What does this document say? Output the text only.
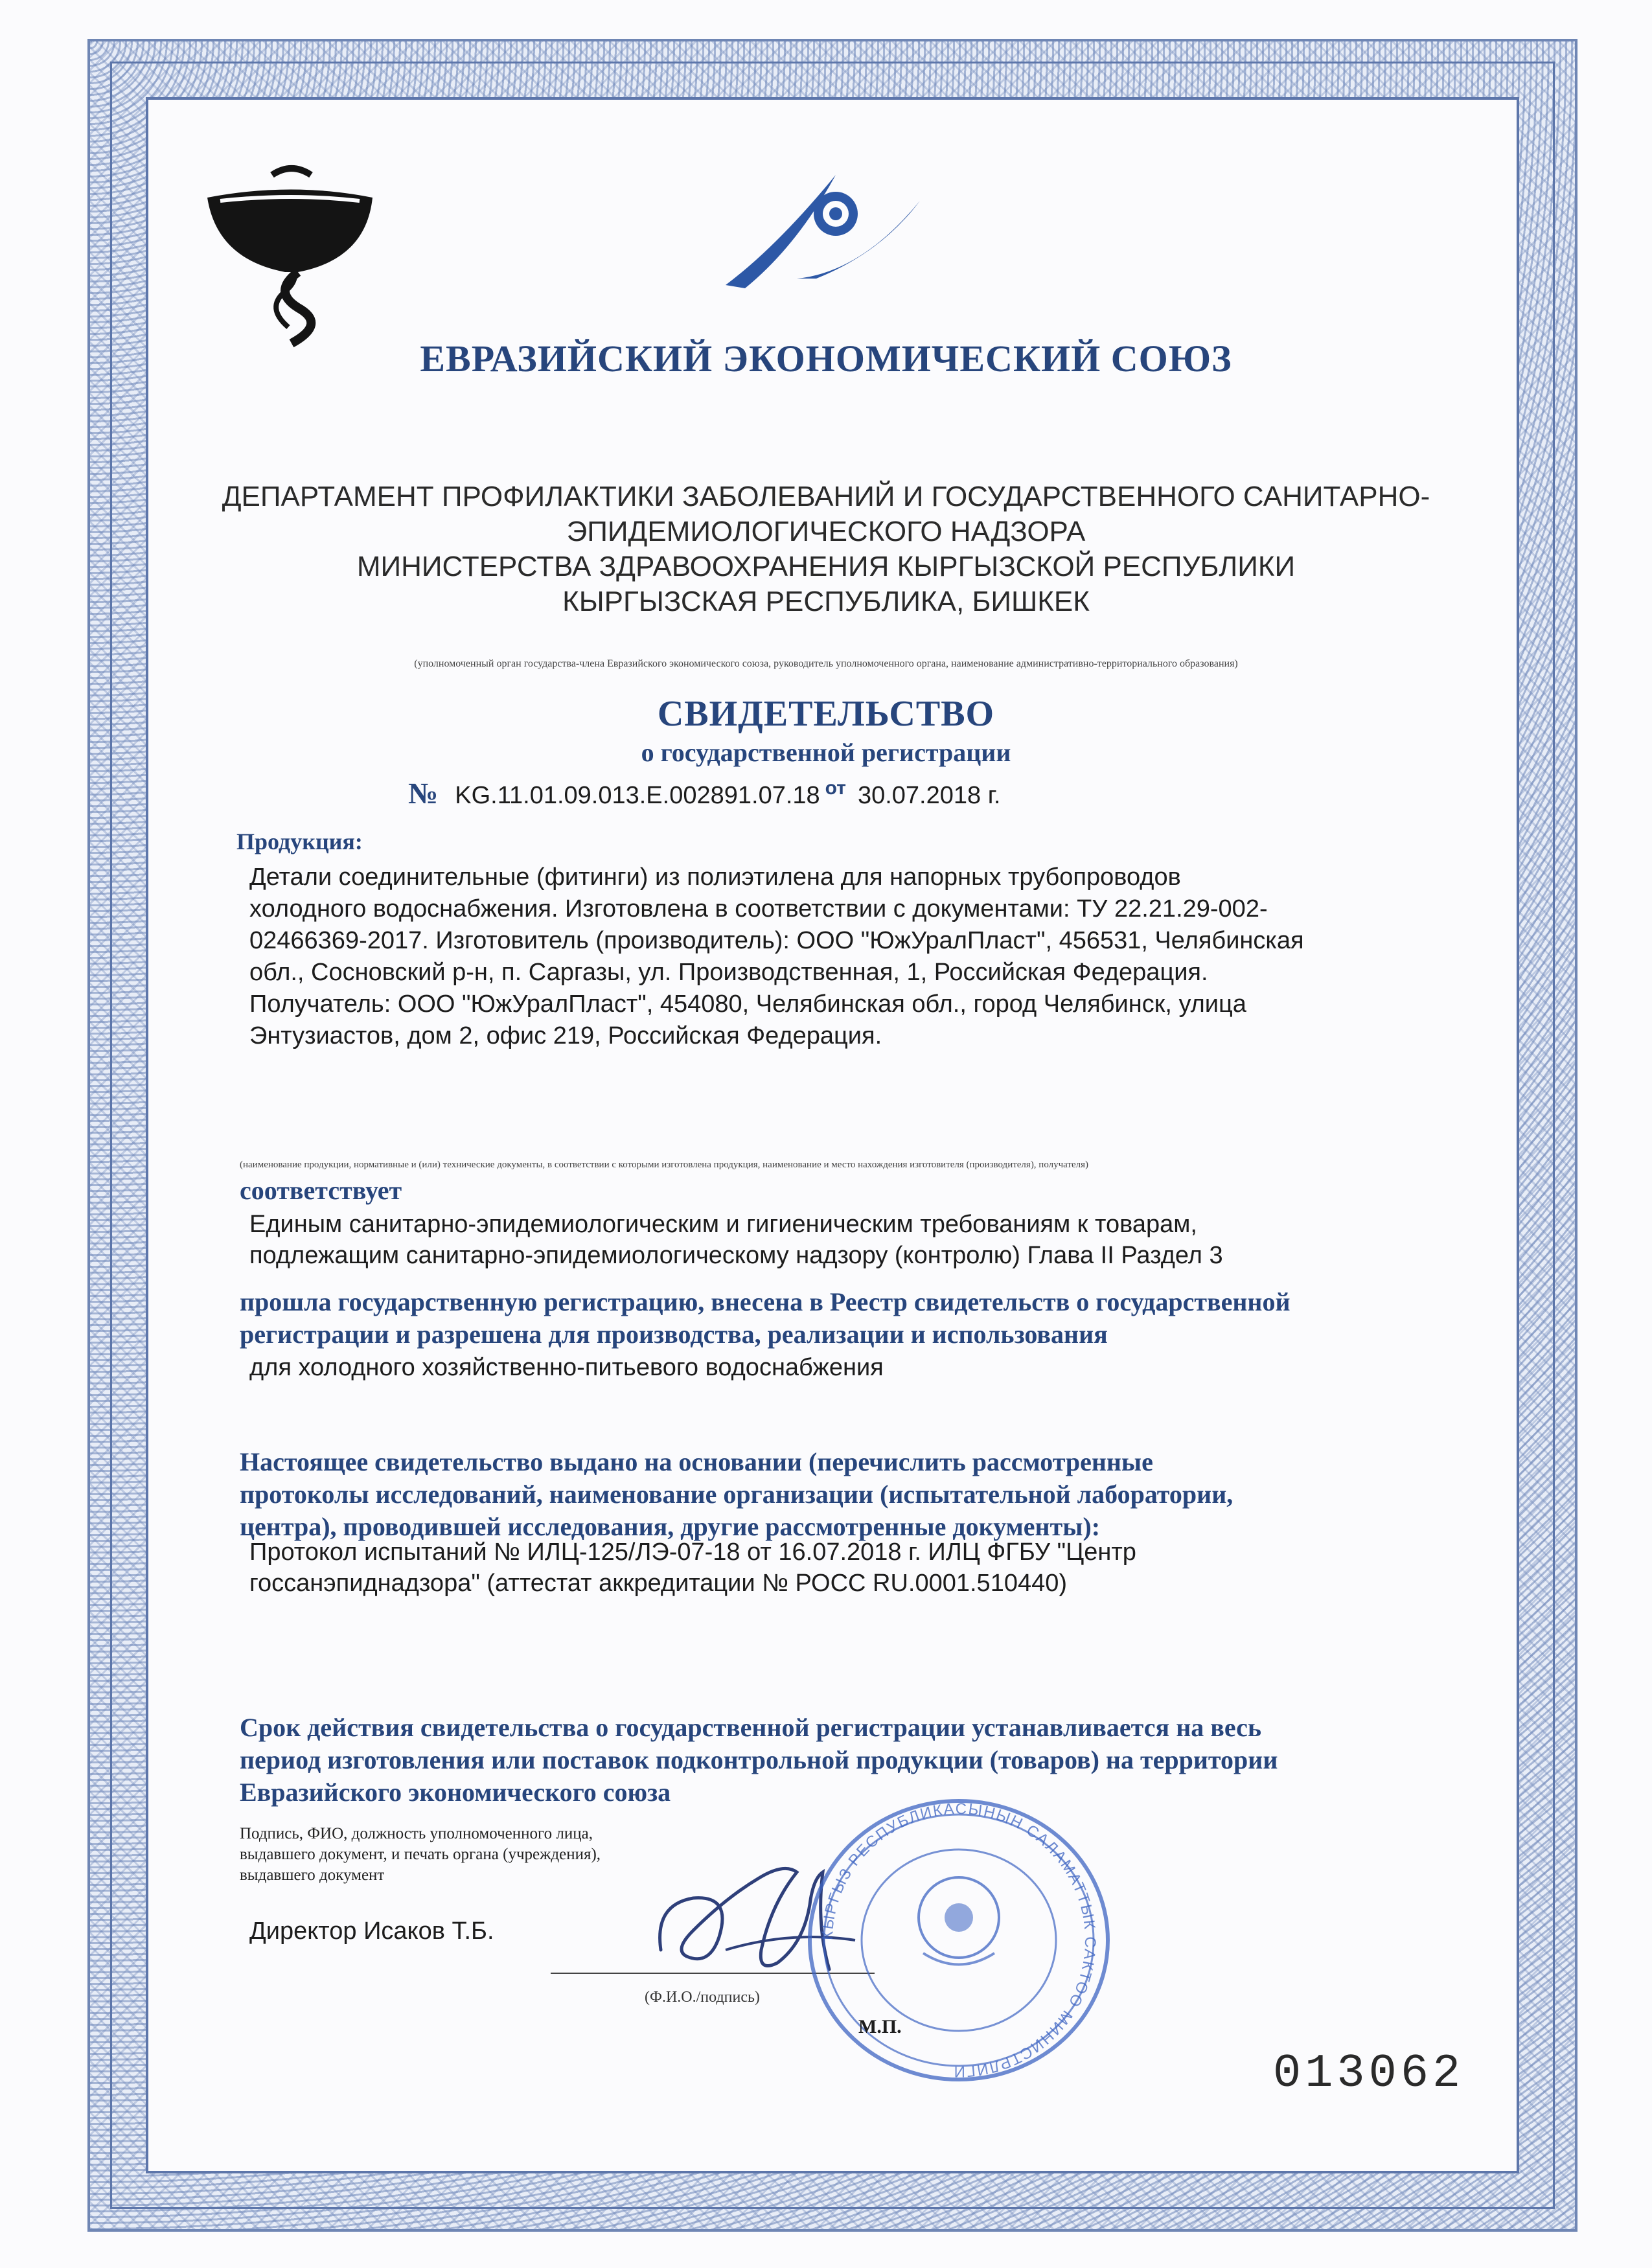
ЕВРАЗИЙСКИЙ ЭКОНОМИЧЕСКИЙ СОЮЗ
ДЕПАРТАМЕНТ ПРОФИЛАКТИКИ ЗАБОЛЕВАНИЙ И ГОСУДАРСТВЕННОГО САНИТАРНО-
ЭПИДЕМИОЛОГИЧЕСКОГО НАДЗОРА
МИНИСТЕРСТВА ЗДРАВООХРАНЕНИЯ КЫРГЫЗСКОЙ РЕСПУБЛИКИ
КЫРГЫЗСКАЯ РЕСПУБЛИКА, БИШКЕК
(уполномоченный орган государства-члена Евразийского экономического союза, руководитель уполномоченного органа, наименование административно-территориального образования)
СВИДЕТЕЛЬСТВО
о государственной регистрации
№ KG.11.01.09.013.Е.002891.07.18 $^{от}$ 30.07.2018 г.
Продукция:
Детали соединительные (фитинги) из полиэтилена для напорных трубопроводов
холодного водоснабжения. Изготовлена в соответствии с документами: ТУ 22.21.29-002-
02466369-2017. Изготовитель (производитель): ООО "ЮжУралПласт", 456531, Челябинская
обл., Сосновский р-н, п. Саргазы, ул. Производственная, 1, Российская Федерация.
Получатель: ООО "ЮжУралПласт", 454080, Челябинская обл., город Челябинск, улица
Энтузиастов, дом 2, офис 219, Российская Федерация.
(наименование продукции, нормативные и (или) технические документы, в соответствии с которыми изготовлена продукция, наименование и место нахождения изготовителя (производителя), получателя)
соответствует
Единым санитарно-эпидемиологическим и гигиеническим требованиям к товарам,
подлежащим санитарно-эпидемиологическому надзору (контролю) Глава II Раздел 3
прошла государственную регистрацию, внесена в Реестр свидетельств о государственной
регистрации и разрешена для производства, реализации и использования
для холодного хозяйственно-питьевого водоснабжения
Настоящее свидетельство выдано на основании (перечислить рассмотренные
протоколы исследований, наименование организации (испытательной лаборатории,
центра), проводившей исследования, другие рассмотренные документы):
Протокол испытаний № ИЛЦ-125/ЛЭ-07-18 от 16.07.2018 г. ИЛЦ ФГБУ "Центр
госсанэпиднадзора" (аттестат аккредитации № РОСС RU.0001.510440)
Срок действия свидетельства о государственной регистрации устанавливается на весь
период изготовления или поставок подконтрольной продукции (товаров) на территории
Евразийского экономического союза
Подпись, ФИО, должность уполномоченного лица,
выдавшего документ, и печать органа (учреждения),
выдавшего документ
Директор Исаков Т.Б.
(Ф.И.О./подпись)
КЫРГЫЗ РЕСПУБЛИКАСЫНЫН САЛАМАТТЫК САКТОО МИНИСТРЛИГИ
М.П.
013062
